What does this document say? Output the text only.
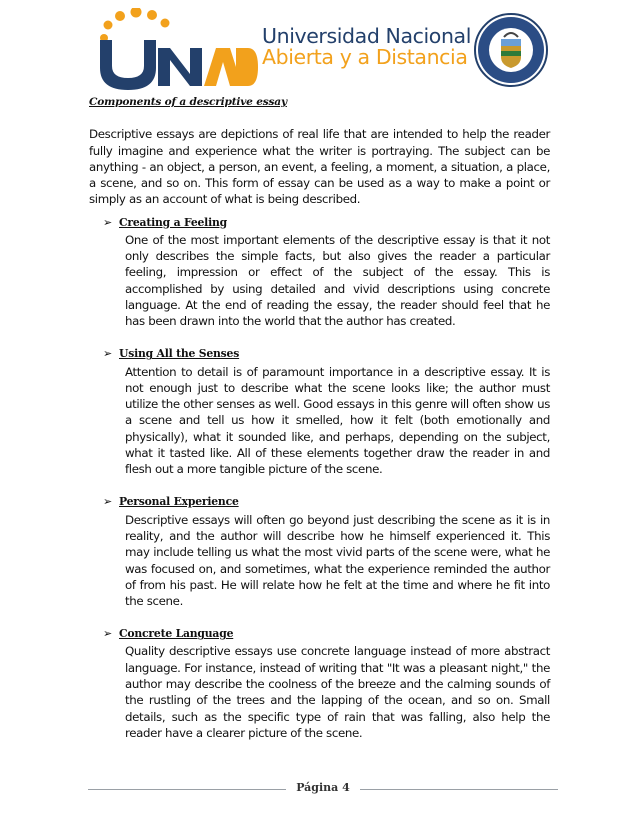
Universidad Nacional
Abierta y a Distancia
Components of a descriptive essay

Descriptive essays are depictions of real life that are intended to help the reader fully imagine and experience what the writer is portraying. The subject can be anything - an object, a person, an event, a feeling, a moment, a situation, a place, a scene, and so on. This form of essay can be used as a way to make a point or simply as an account of what is being described.

➢ Creating a Feeling
One of the most important elements of the descriptive essay is that it not only describes the simple facts, but also gives the reader a particular feeling, impression or effect of the subject of the essay. This is accomplished by using detailed and vivid descriptions using concrete language. At the end of reading the essay, the reader should feel that he has been drawn into the world that the author has created.
➢ Using All the Senses
Attention to detail is of paramount importance in a descriptive essay. It is not enough just to describe what the scene looks like; the author must utilize the other senses as well. Good essays in this genre will often show us a scene and tell us how it smelled, how it felt (both emotionally and physically), what it sounded like, and perhaps, depending on the subject, what it tasted like. All of these elements together draw the reader in and flesh out a more tangible picture of the scene.
➢ Personal Experience
Descriptive essays will often go beyond just describing the scene as it is in reality, and the author will describe how he himself experienced it. This may include telling us what the most vivid parts of the scene were, what he was focused on, and sometimes, what the experience reminded the author of from his past. He will relate how he felt at the time and where he fit into the scene.
➢ Concrete Language
Quality descriptive essays use concrete language instead of more abstract language. For instance, instead of writing that "It was a pleasant night," the author may describe the coolness of the breeze and the calming sounds of the rustling of the trees and the lapping of the ocean, and so on. Small details, such as the specific type of rain that was falling, also help the reader have a clearer picture of the scene.
Página 4
